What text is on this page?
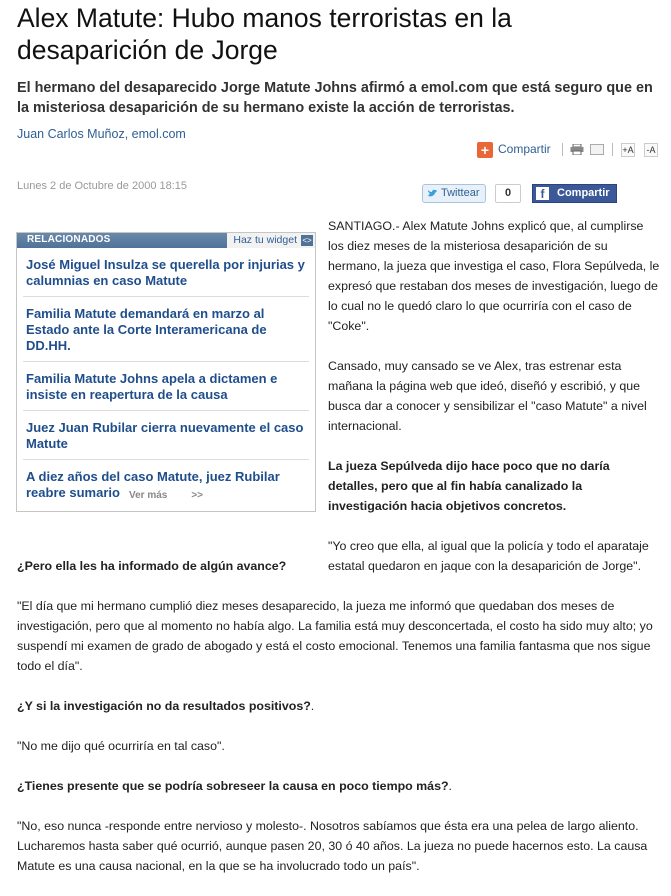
Alex Matute: Hubo manos terroristas en la desaparición de Jorge

El hermano del desaparecido Jorge Matute Johns afirmó a emol.com que está seguro que en la misteriosa desaparición de su hermano existe la acción de terroristas.

Juan Carlos Muñoz, emol.com
+ Compartir	+A -A
Lunes 2 de Octubre de 2000 18:15
Twittear	0	f	Compartir
RELACIONADOS	Haz tu widget <>
José Miguel Insulza se querella por injurias y calumnias en caso Matute
Familia Matute demandará en marzo al Estado ante la Corte Interamericana de DD.HH.
Familia Matute Johns apela a dictamen e insiste en reapertura de la causa
Juez Juan Rubilar cierra nuevamente el caso Matute
A diez años del caso Matute, juez Rubilar reabre sumario Ver más >>

SANTIAGO.- Alex Matute Johns explicó que, al cumplirse los diez meses de la misteriosa desaparición de su hermano, la jueza que investiga el caso, Flora Sepúlveda, le expresó que restaban dos meses de investigación, luego de lo cual no le quedó claro lo que ocurriría con el caso de "Coke".

Cansado, muy cansado se ve Alex, tras estrenar esta mañana la página web que ideó, diseñó y escribió, y que busca dar a conocer y sensibilizar el "caso Matute" a nivel internacional.

La jueza Sepúlveda dijo hace poco que no daría detalles, pero que al fin había canalizado la investigación hacia objetivos concretos.

"Yo creo que ella, al igual que la policía y todo el aparataje estatal quedaron en jaque con la desaparición de Jorge".

¿Pero ella les ha informado de algún avance?

"El día que mi hermano cumplió diez meses desaparecido, la jueza me informó que quedaban dos meses de investigación, pero que al momento no había algo. La familia está muy desconcertada, el costo ha sido muy alto; yo suspendí mi examen de grado de abogado y está el costo emocional. Tenemos una familia fantasma que nos sigue todo el día".

¿Y si la investigación no da resultados positivos?.

"No me dijo qué ocurriría en tal caso".

¿Tienes presente que se podría sobreseer la causa en poco tiempo más?.

"No, eso nunca -responde entre nervioso y molesto-. Nosotros sabíamos que ésta era una pelea de largo aliento. Lucharemos hasta saber qué ocurrió, aunque pasen 20, 30 ó 40 años. La jueza no puede hacernos esto. La causa Matute es una causa nacional, en la que se ha involucrado todo un país".
